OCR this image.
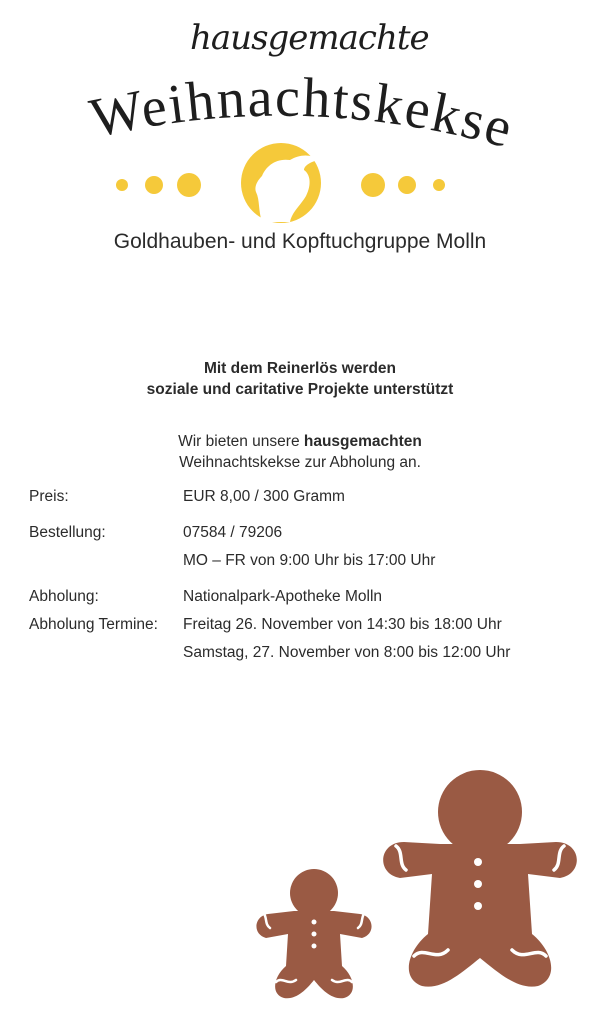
hausgemachte
Weihnachtskekse
Goldhauben- und Kopftuchgruppe Molln
Mit dem Reinerlös werden
soziale und caritative Projekte unterstützt
Wir bieten unsere hausgemachten
Weihnachtskekse zur Abholung an.
Preis:	EUR 8,00 / 300 Gramm
Bestellung:	07584 / 79206
MO – FR von 9:00 Uhr bis 17:00 Uhr
Abholung:	Nationalpark-Apotheke Molln
Abholung Termine: Freitag 26. November von 14:30 bis 18:00 Uhr
Samstag, 27. November von 8:00 bis 12:00 Uhr
